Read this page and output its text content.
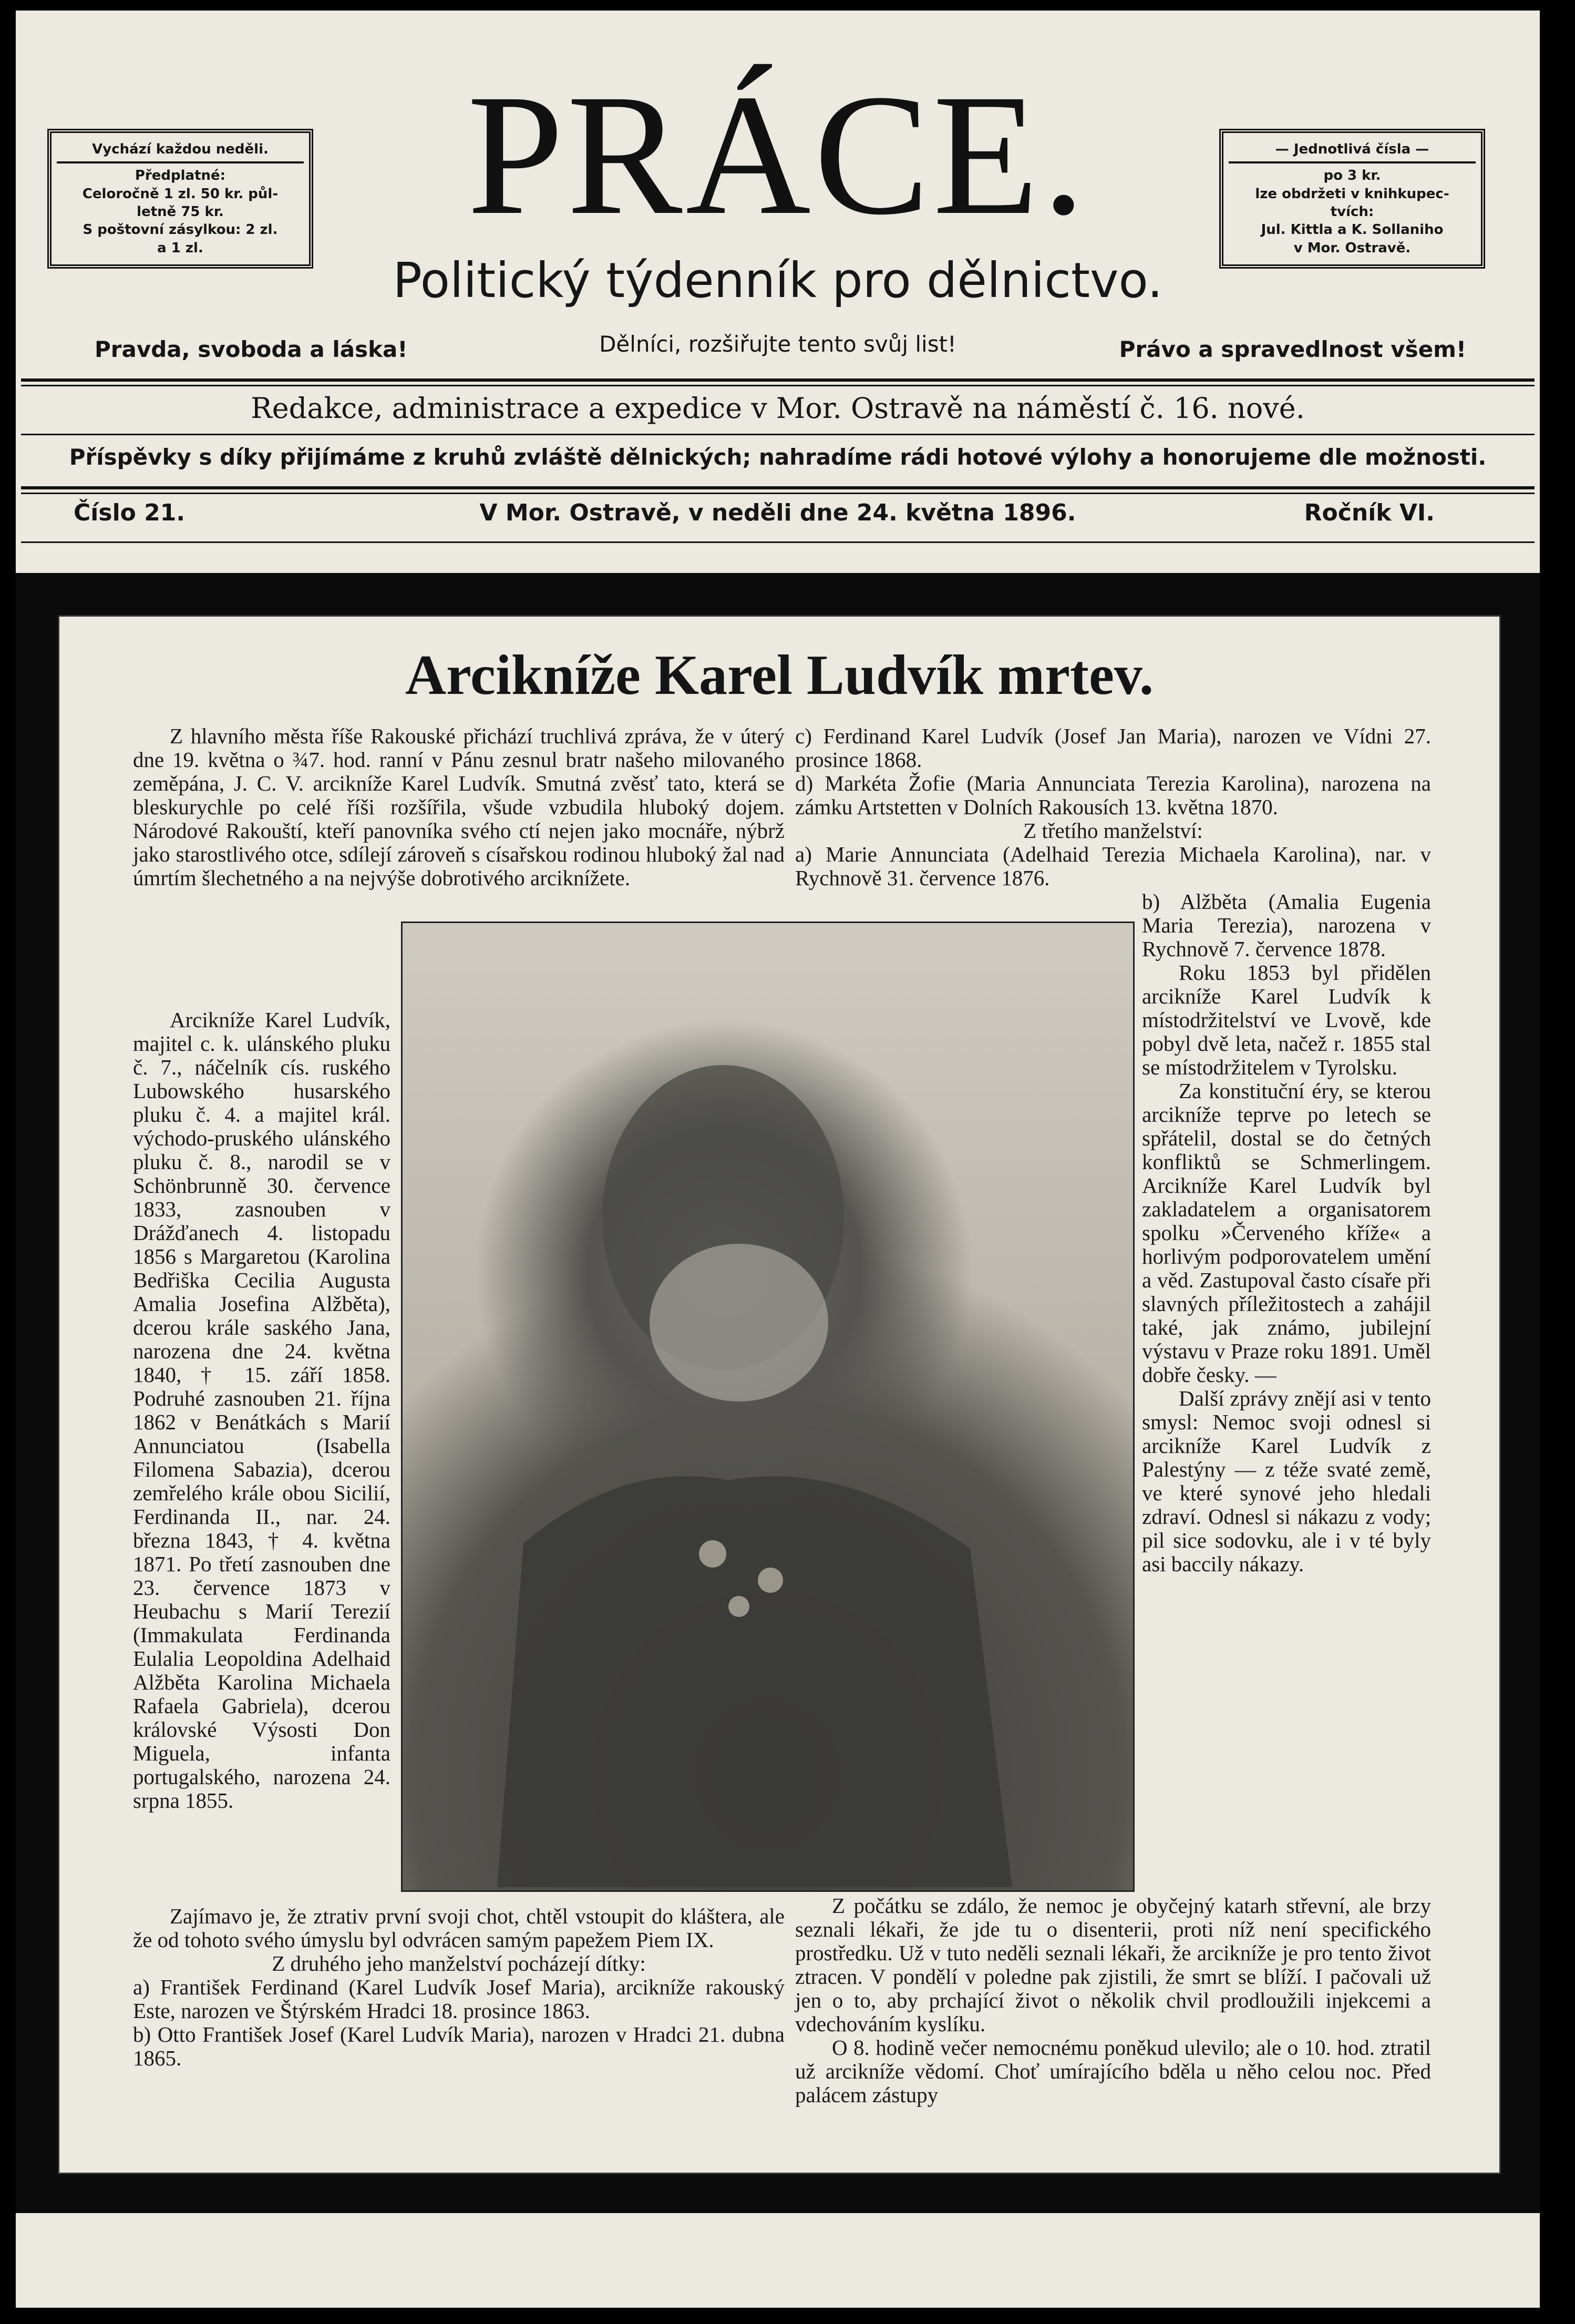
Vychází každou neděli.
Předplatné:
Celoročně 1 zl. 50 kr. půl-
letně 75 kr.
S poštovní zásylkou: 2 zl.
a 1 zl.
— Jednotlivá čísla —
po 3 kr.
lze obdržeti v knihkupec-
tvích:
Jul. Kittla a K. Sollaniho
v Mor. Ostravě.
PRÁCE.
Politický týdenník pro dělnictvo.
Pravda, svoboda a láska!	Dělníci, rozšiřujte tento svůj list!	Právo a spravedlnost všem!
Redakce, administrace a expedice v Mor. Ostravě na náměstí č. 16. nové.
Příspěvky s díky přijímáme z kruhů zvláště dělnických; nahradíme rádi hotové výlohy a honorujeme dle možnosti.
Číslo 21.	V Mor. Ostravě, v neděli dne 24. května 1896.	Ročník VI.
Arcikníže Karel Ludvík mrtev.

Z hlavního města říše Rakouské přichází truchlivá zpráva, že v úterý dne 19. května o ¾7. hod. ranní v Pánu zesnul bratr našeho milovaného zeměpána, J. C. V. arcikníže Karel Ludvík. Smutná zvěsť tato, která se bleskurychle po celé říši rozšířila, všude vzbudila hluboký dojem. Národové Rakouští, kteří panovníka svého ctí nejen jako mocnáře, nýbrž jako starostlivého otce, sdílejí zároveň s císařskou rodinou hluboký žal nad úmrtím šlechetného a na nejvýše dobrotivého arciknížete.

Arcikníže Karel Ludvík, majitel c. k. ulánského pluku č. 7., náčelník cís. ruského Lubowského husarského pluku č. 4. a majitel král. východo-pruského ulánského pluku č. 8., narodil se v Schönbrunně 30. července 1833, zasnouben v Drážďanech 4. listopadu 1856 s Margaretou (Karolina Bedřiška Cecilia Augusta Amalia Josefina Alžběta), dcerou krále saského Jana, narozena dne 24. května 1840, † 15. září 1858. Podruhé zasnouben 21. října 1862 v Benátkách s Marií Annunciatou (Isabella Filomena Sabazia), dcerou zemřelého krále obou Sicilií, Ferdinanda II., nar. 24. března 1843, † 4. května 1871. Po třetí zasnouben dne 23. července 1873 v Heubachu s Marií Terezií (Immakulata Ferdinanda Eulalia Leopoldina Adelhaid Alžběta Karolina Michaela Rafaela Gabriela), dcerou královské Výsosti Don Miguela, infanta portugalského, narozena 24. srpna 1855.

Zajímavo je, že ztrativ první svoji chot, chtěl vstoupit do kláštera, ale že od tohoto svého úmyslu byl odvrácen samým papežem Piem IX.

Z druhého jeho manželství pocházejí dítky:

a) František Ferdinand (Karel Ludvík Josef Maria), arcikníže rakouský Este, narozen ve Štýrském Hradci 18. prosince 1863.

b) Otto František Josef (Karel Ludvík Maria), narozen v Hradci 21. dubna 1865.

c) Ferdinand Karel Ludvík (Josef Jan Maria), narozen ve Vídni 27. prosince 1868.

d) Markéta Žofie (Maria Annunciata Terezia Karolina), narozena na zámku Artstetten v Dolních Rakousích 13. května 1870.

Z třetího manželství:

a) Marie Annunciata (Adelhaid Terezia Michaela Karolina), nar. v Rychnově 31. července 1876.

b) Alžběta (Amalia Eugenia Maria Terezia), narozena v Rychnově 7. července 1878.

Roku 1853 byl přidělen arcikníže Karel Ludvík k místodržitelství ve Lvově, kde pobyl dvě leta, načež r. 1855 stal se místodržitelem v Tyrolsku.

Za konstituční éry, se kterou arcikníže teprve po letech se spřátelil, dostal se do četných konfliktů se Schmerlingem. Arcikníže Karel Ludvík byl zakladatelem a organisatorem spolku »Červeného kříže« a horlivým podporovatelem umění a věd. Zastupoval často císaře při slavných příležitostech a zahájil také, jak známo, jubilejní výstavu v Praze roku 1891. Uměl dobře česky. —

Další zprávy znějí asi v tento smysl: Nemoc svoji odnesl si arcikníže Karel Ludvík z Palestýny — z téže svaté země, ve které synové jeho hledali zdraví. Odnesl si nákazu z vody; pil sice sodovku, ale i v té byly asi baccily nákazy.

Z počátku se zdálo, že nemoc je obyčejný katarh střevní, ale brzy seznali lékaři, že jde tu o disenterii, proti níž není specifického prostředku. Už v tuto neděli seznali lékaři, že arcikníže je pro tento život ztracen. V pondělí v poledne pak zjistili, že smrt se blíží. I pačovali už jen o to, aby prchající život o několik chvil prodloužili injekcemi a vdechováním kyslíku.

O 8. hodině večer nemocnému poněkud ulevilo; ale o 10. hod. ztratil už arcikníže vědomí. Choť umírajícího bděla u něho celou noc. Před palácem zástupy
